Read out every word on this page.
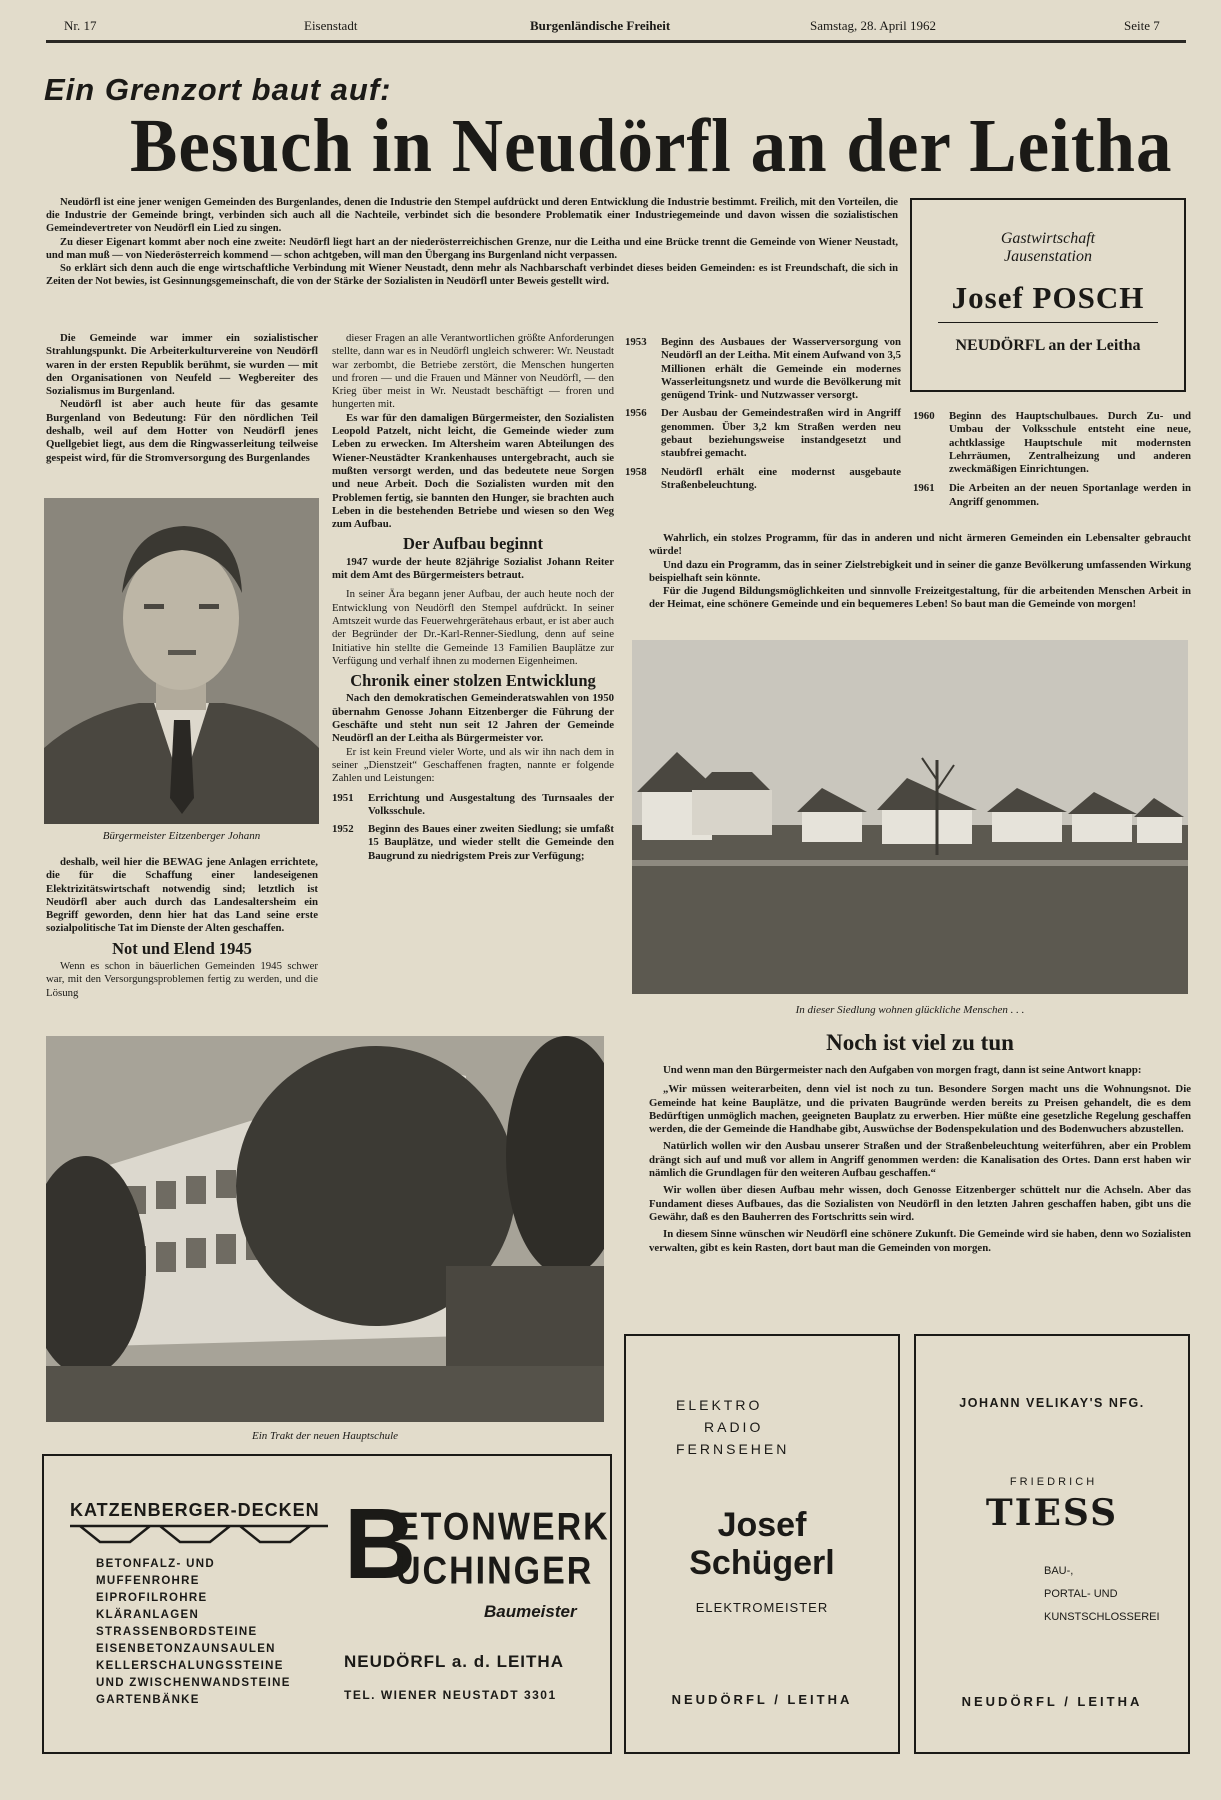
Nr. 17	Eisenstadt	Burgenländische Freiheit	Samstag, 28. April 1962	Seite 7
Ein Grenzort baut auf:
Besuch in Neudörfl an der Leitha

Neudörfl ist eine jener wenigen Gemeinden des Burgenlandes, denen die Industrie den Stempel aufdrückt und deren Entwicklung die Industrie bestimmt. Freilich, mit den Vorteilen, die die Industrie der Gemeinde bringt, verbinden sich auch all die Nachteile, verbindet sich die besondere Problematik einer Industriegemeinde und davon wissen die sozialistischen Gemeindevertreter von Neudörfl ein Lied zu singen.

Zu dieser Eigenart kommt aber noch eine zweite: Neudörfl liegt hart an der niederösterreichischen Grenze, nur die Leitha und eine Brücke trennt die Gemeinde von Wiener Neustadt, und man muß — von Niederösterreich kommend — schon achtgeben, will man den Übergang ins Burgenland nicht verpassen.

So erklärt sich denn auch die enge wirtschaftliche Verbindung mit Wiener Neustadt, denn mehr als Nachbarschaft verbindet dieses beiden Gemeinden: es ist Freundschaft, die sich in Zeiten der Not bewies, ist Gesinnungsgemeinschaft, die von der Stärke der Sozialisten in Neudörfl unter Beweis gestellt wird.

Gastwirtschaft
Jausenstation
Josef POSCH
NEUDÖRFL an der Leitha

Die Gemeinde war immer ein sozialistischer Strahlungspunkt. Die Arbeiterkulturvereine von Neudörfl waren in der ersten Republik berühmt, sie wurden — mit den Organisationen von Neufeld — Wegbereiter des Sozialismus im Burgenland.

Neudörfl ist aber auch heute für das gesamte Burgenland von Bedeutung: Für den nördlichen Teil deshalb, weil auf dem Hotter von Neudörfl jenes Quellgebiet liegt, aus dem die Ringwasserleitung teilweise gespeist wird, für die Stromversorgung des Burgenlandes

Bürgermeister Eitzenberger Johann

deshalb, weil hier die BEWAG jene Anlagen errichtete, die für die Schaffung einer landeseigenen Elektrizitätswirtschaft notwendig sind; letztlich ist Neudörfl aber auch durch das Landesaltersheim ein Begriff geworden, denn hier hat das Land seine erste sozialpolitische Tat im Dienste der Alten geschaffen.

Not und Elend 1945

Wenn es schon in bäuerlichen Gemeinden 1945 schwer war, mit den Versorgungsproblemen fertig zu werden, und die Lösung

dieser Fragen an alle Verantwortlichen größte Anforderungen stellte, dann war es in Neudörfl ungleich schwerer: Wr. Neustadt war zerbombt, die Betriebe zerstört, die Menschen hungerten und froren — und die Frauen und Männer von Neudörfl, — den Krieg über meist in Wr. Neustadt beschäftigt — froren und hungerten mit.

Es war für den damaligen Bürgermeister, den Sozialisten Leopold Patzelt, nicht leicht, die Gemeinde wieder zum Leben zu erwecken. Im Altersheim waren Abteilungen des Wiener-Neustädter Krankenhauses untergebracht, auch sie mußten versorgt werden, und das bedeutete neue Sorgen und neue Arbeit. Doch die Sozialisten wurden mit den Problemen fertig, sie bannten den Hunger, sie brachten auch Leben in die bestehenden Betriebe und wiesen so den Weg zum Aufbau.

Der Aufbau beginnt

1947 wurde der heute 82jährige Sozialist Johann Reiter mit dem Amt des Bürgermeisters betraut.

In seiner Ära begann jener Aufbau, der auch heute noch der Entwicklung von Neudörfl den Stempel aufdrückt. In seiner Amtszeit wurde das Feuerwehrgerätehaus erbaut, er ist aber auch der Begründer der Dr.-Karl-Renner-Siedlung, denn auf seine Initiative hin stellte die Gemeinde 13 Familien Bauplätze zur Verfügung und verhalf ihnen zu modernen Eigenheimen.

Chronik einer stolzen Entwicklung

Nach den demokratischen Gemeinderatswahlen von 1950 übernahm Genosse Johann Eitzenberger die Führung der Geschäfte und steht nun seit 12 Jahren der Gemeinde Neudörfl an der Leitha als Bürgermeister vor.

Er ist kein Freund vieler Worte, und als wir ihn nach dem in seiner „Dienstzeit“ Geschaffenen fragten, nannte er folgende Zahlen und Leistungen:

1951	Errichtung und Ausgestaltung des Turnsaales der Volksschule.
1952	Beginn des Baues einer zweiten Siedlung; sie umfaßt 15 Bauplätze, und wieder stellt die Gemeinde den Baugrund zu niedrigstem Preis zur Verfügung;
1953	Beginn des Ausbaues der Wasserversorgung von Neudörfl an der Leitha. Mit einem Aufwand von 3,5 Millionen erhält die Gemeinde ein modernes Wasserleitungsnetz und wurde die Bevölkerung mit genügend Trink- und Nutzwasser versorgt.
1956	Der Ausbau der Gemeindestraßen wird in Angriff genommen. Über 3,2 km Straßen werden neu gebaut beziehungsweise instandgesetzt und staubfrei gemacht.
1958	Neudörfl erhält eine modernst ausgebaute Straßenbeleuchtung.
1960	Beginn des Hauptschulbaues. Durch Zu- und Umbau der Volksschule entsteht eine neue, achtklassige Hauptschule mit modernsten Lehrräumen, Zentralheizung und anderen zweckmäßigen Einrichtungen.
1961	Die Arbeiten an der neuen Sportanlage werden in Angriff genommen.

Wahrlich, ein stolzes Programm, für das in anderen und nicht ärmeren Gemeinden ein Lebensalter gebraucht würde!

Und dazu ein Programm, das in seiner Zielstrebigkeit und in seiner die ganze Bevölkerung umfassenden Wirkung beispielhaft sein könnte.

Für die Jugend Bildungsmöglichkeiten und sinnvolle Freizeitgestaltung, für die arbeitenden Menschen Arbeit in der Heimat, eine schönere Gemeinde und ein bequemeres Leben! So baut man die Gemeinde von morgen!

In dieser Siedlung wohnen glückliche Menschen . . .
Noch ist viel zu tun

Und wenn man den Bürgermeister nach den Aufgaben von morgen fragt, dann ist seine Antwort knapp:

„Wir müssen weiterarbeiten, denn viel ist noch zu tun. Besondere Sorgen macht uns die Wohnungsnot. Die Gemeinde hat keine Bauplätze, und die privaten Baugründe werden bereits zu Preisen gehandelt, die es dem Bedürftigen unmöglich machen, geeigneten Bauplatz zu erwerben. Hier müßte eine gesetzliche Regelung geschaffen werden, die der Gemeinde die Handhabe gibt, Auswüchse der Bodenspekulation und des Bodenwuchers abzustellen.

Natürlich wollen wir den Ausbau unserer Straßen und der Straßenbeleuchtung weiterführen, aber ein Problem drängt sich auf und muß vor allem in Angriff genommen werden: die Kanalisation des Ortes. Dann erst haben wir nämlich die Grundlagen für den weiteren Aufbau geschaffen.“

Wir wollen über diesen Aufbau mehr wissen, doch Genosse Eitzenberger schüttelt nur die Achseln. Aber das Fundament dieses Aufbaues, das die Sozialisten von Neudörfl in den letzten Jahren geschaffen haben, gibt uns die Gewähr, daß es den Bauherren des Fortschritts sein wird.

In diesem Sinne wünschen wir Neudörfl eine schönere Zukunft. Die Gemeinde wird sie haben, denn wo Sozialisten verwalten, gibt es kein Rasten, dort baut man die Gemeinden von morgen.

Ein Trakt der neuen Hauptschule
KATZENBERGER-DECKEN
BETONFALZ- UND
MUFFENROHRE
EIPROFILROHRE
KLÄRANLAGEN
STRASSENBORDSTEINE
EISENBETONZAUNSAULEN
KELLERSCHALUNGSSTEINE
UND ZWISCHENWANDSTEINE
GARTENBÄNKE
B
ETONWERK
UCHINGER
Baumeister
NEUDÖRFL a. d. LEITHA
TEL. WIENER NEUSTADT 3301
ELEKTRO
RADIO
FERNSEHEN
Josef
Schügerl
ELEKTROMEISTER
NEUDÖRFL / LEITHA
JOHANN VELIKAY'S NFG.
F R I E D R I C H
TIESS
BAU-,
PORTAL- UND
KUNSTSCHLOSSEREI
NEUDÖRFL / LEITHA
